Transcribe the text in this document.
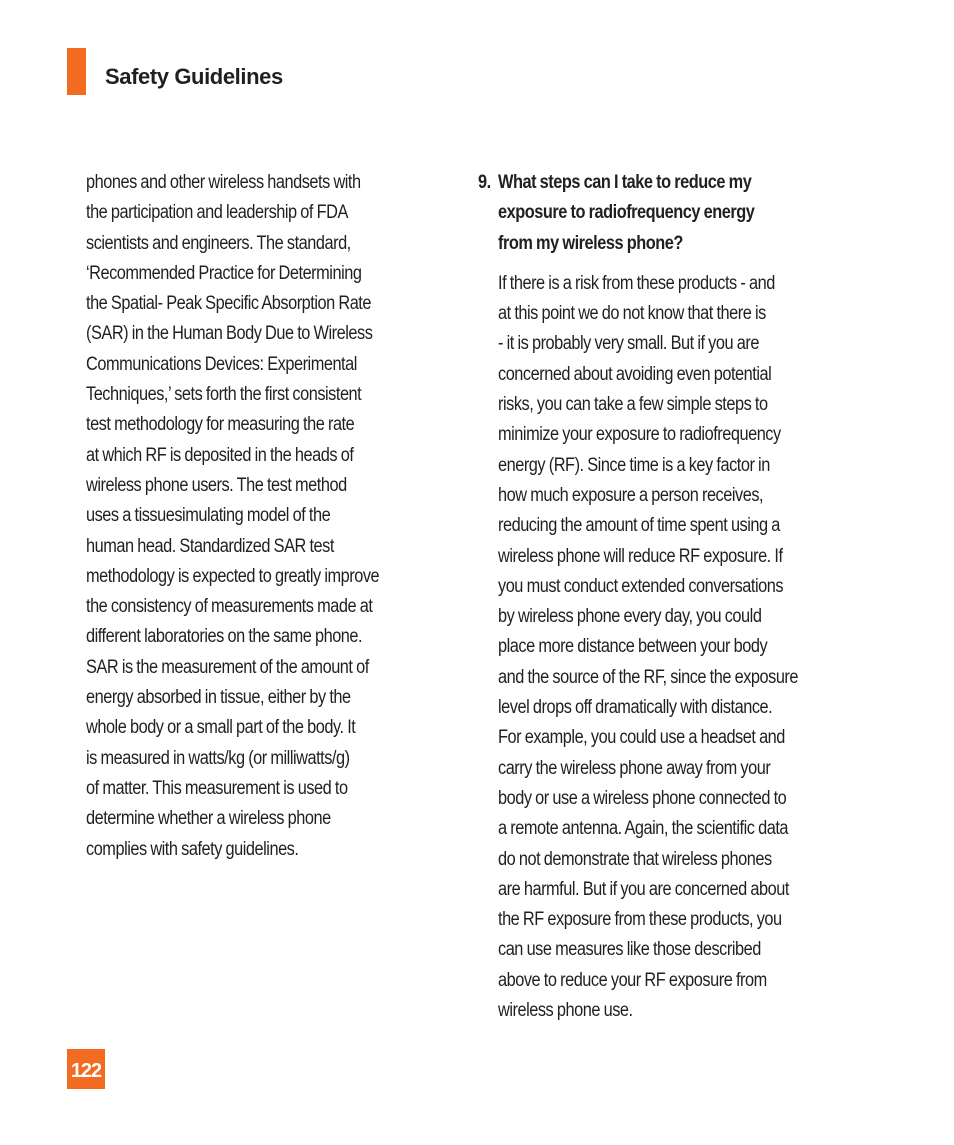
Safety Guidelines
phones and other wireless handsets with
the participation and leadership of FDA
scientists and engineers. The standard,
‘Recommended Practice for Determining
the Spatial- Peak Specific Absorption Rate
(SAR) in the Human Body Due to Wireless
Communications Devices: Experimental
Techniques,’ sets forth the first consistent
test methodology for measuring the rate
at which RF is deposited in the heads of
wireless phone users. The test method
uses a tissuesimulating model of the
human head. Standardized SAR test
methodology is expected to greatly improve
the consistency of measurements made at
different laboratories on the same phone.
SAR is the measurement of the amount of
energy absorbed in tissue, either by the
whole body or a small part of the body. It
is measured in watts/kg (or milliwatts/g)
of matter. This measurement is used to
determine whether a wireless phone
complies with safety guidelines.
9. What steps can I take to reduce my
exposure to radiofrequency energy
from my wireless phone?
If there is a risk from these products - and
at this point we do not know that there is
- it is probably very small. But if you are
concerned about avoiding even potential
risks, you can take a few simple steps to
minimize your exposure to radiofrequency
energy (RF). Since time is a key factor in
how much exposure a person receives,
reducing the amount of time spent using a
wireless phone will reduce RF exposure. If
you must conduct extended conversations
by wireless phone every day, you could
place more distance between your body
and the source of the RF, since the exposure
level drops off dramatically with distance.
For example, you could use a headset and
carry the wireless phone away from your
body or use a wireless phone connected to
a remote antenna. Again, the scientific data
do not demonstrate that wireless phones
are harmful. But if you are concerned about
the RF exposure from these products, you
can use measures like those described
above to reduce your RF exposure from
wireless phone use.
122
